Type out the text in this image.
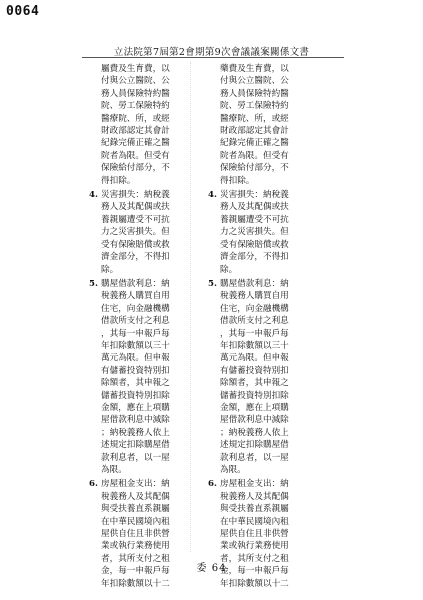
0064
立法院第7屆第2會期第9次會議議案關係文書
屬費及生育費，以
付與公立醫院、公
務人員保險特約醫
院、勞工保險特約
醫療院、所，或經
財政部認定其會計
紀錄完備正確之醫
院者為限。但受有
保險給付部分，不
得扣除。
4. 災害損失：納稅義
務人及其配偶或扶
養親屬遭受不可抗
力之災害損失。但
受有保險賠償或救
濟金部分，不得扣
除。
5. 購屋借款利息：納
稅義務人購買自用
住宅，向金融機構
借款所支付之利息
，其每一申報戶每
年扣除數額以三十
萬元為限。但申報
有儲蓄投資特別扣
除額者，其申報之
儲蓄投資特別扣除
金額，應在上項購
屋借款利息中減除
；納稅義務人依上
述規定扣除購屋借
款利息者，以一屋
為限。
6. 房屋租金支出：納
稅義務人及其配偶
與受扶養直系親屬
在中華民國境內租
屋供自住且非供營
業或執行業務使用
者，其所支付之租
金，每一申報戶每
年扣除數額以十二
藥費及生育費，以
付與公立醫院、公
務人員保險特約醫
院、勞工保險特約
醫療院、所，或經
財政部認定其會計
紀錄完備正確之醫
院者為限。但受有
保險給付部分，不
得扣除。
4. 災害損失：納稅義
務人及其配偶或扶
養親屬遭受不可抗
力之災害損失。但
受有保險賠償或救
濟金部分，不得扣
除。
5. 購屋借款利息：納
稅義務人購買自用
住宅，向金融機構
借款所支付之利息
，其每一申報戶每
年扣除數額以三十
萬元為限。但申報
有儲蓄投資特別扣
除額者，其申報之
儲蓄投資特別扣除
金額，應在上項購
屋借款利息中減除
；納稅義務人依上
述規定扣除購屋借
款利息者，以一屋
為限。
6. 房屋租金支出：納
稅義務人及其配偶
與受扶養直系親屬
在中華民國境內租
屋供自住且非供營
業或執行業務使用
者，其所支付之租
金，每一申報戶每
年扣除數額以十二
委 64
